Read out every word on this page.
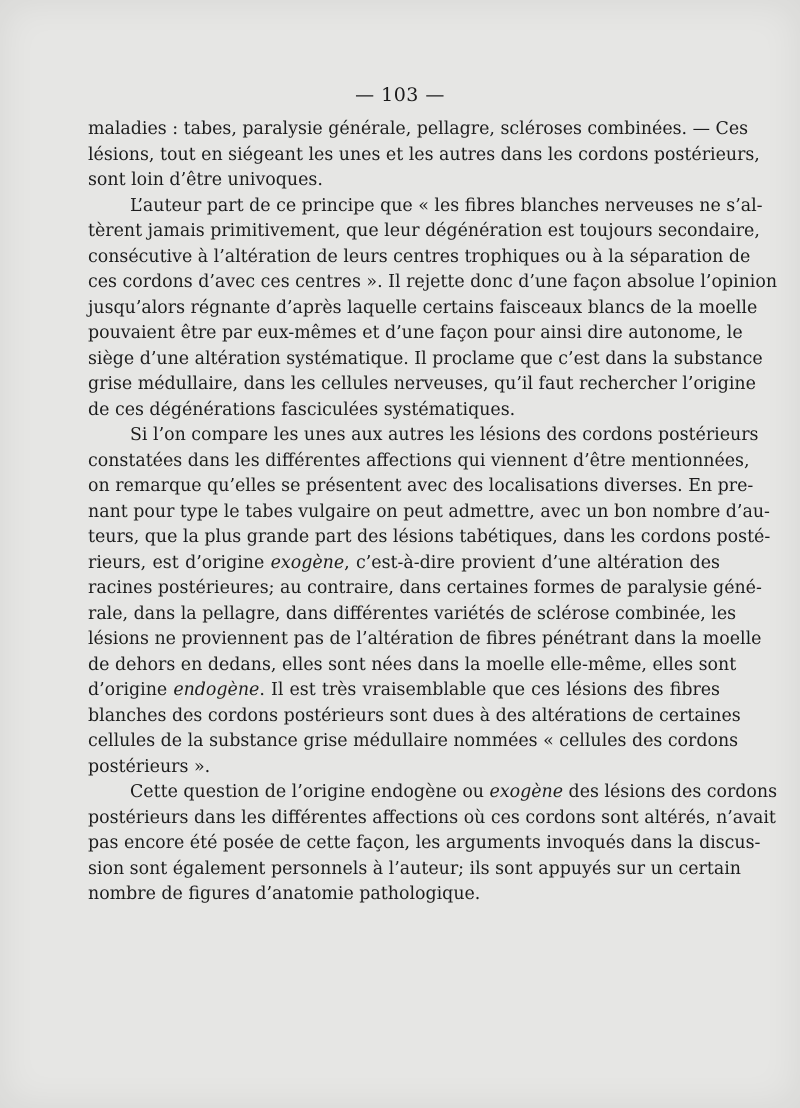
— 103 —
maladies : tabes, paralysie générale, pellagre, scléroses combinées. — Ces
lésions, tout en siégeant les unes et les autres dans les cordons postérieurs,
sont loin d’être univoques.
L’auteur part de ce principe que « les fibres blanches nerveuses ne s’al-
tèrent jamais primitivement, que leur dégénération est toujours secondaire,
consécutive à l’altération de leurs centres trophiques ou à la séparation de
ces cordons d’avec ces centres ». Il rejette donc d’une façon absolue l’opinion
jusqu’alors régnante d’après laquelle certains faisceaux blancs de la moelle
pouvaient être par eux-mêmes et d’une façon pour ainsi dire autonome, le
siège d’une altération systématique. Il proclame que c’est dans la substance
grise médullaire, dans les cellules nerveuses, qu’il faut rechercher l’origine
de ces dégénérations fasciculées systématiques.
Si l’on compare les unes aux autres les lésions des cordons postérieurs
constatées dans les différentes affections qui viennent d’être mentionnées,
on remarque qu’elles se présentent avec des localisations diverses. En pre-
nant pour type le tabes vulgaire on peut admettre, avec un bon nombre d’au-
teurs, que la plus grande part des lésions tabétiques, dans les cordons posté-
rieurs, est d’origine exogène, c’est-à-dire provient d’une altération des
racines postérieures; au contraire, dans certaines formes de paralysie géné-
rale, dans la pellagre, dans différentes variétés de sclérose combinée, les
lésions ne proviennent pas de l’altération de fibres pénétrant dans la moelle
de dehors en dedans, elles sont nées dans la moelle elle-même, elles sont
d’origine endogène. Il est très vraisemblable que ces lésions des fibres
blanches des cordons postérieurs sont dues à des altérations de certaines
cellules de la substance grise médullaire nommées « cellules des cordons
postérieurs ».
Cette question de l’origine endogène ou exogène des lésions des cordons
postérieurs dans les différentes affections où ces cordons sont altérés, n’avait
pas encore été posée de cette façon, les arguments invoqués dans la discus-
sion sont également personnels à l’auteur; ils sont appuyés sur un certain
nombre de figures d’anatomie pathologique.
